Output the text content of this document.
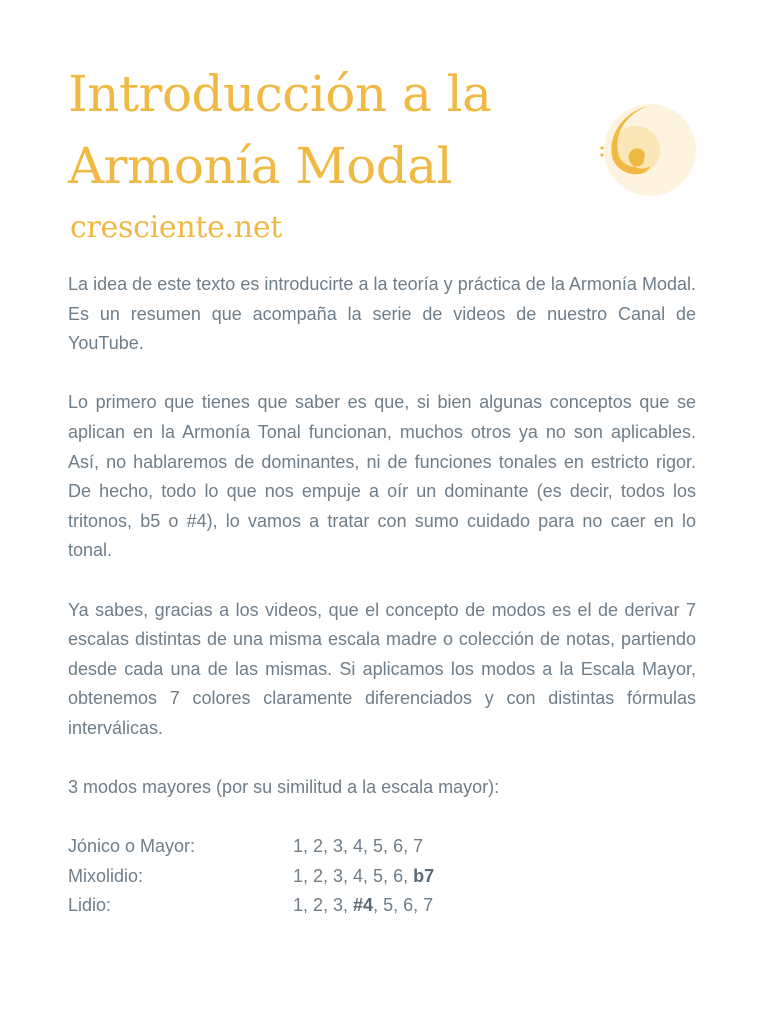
Introducción a la
Armonía Modal
cresciente.net

La idea de este texto es introducirte a la teoría y práctica de la Armonía Modal. Es un resumen que acompaña la serie de videos de nuestro Canal de YouTube.

Lo primero que tienes que saber es que, si bien algunas conceptos que se aplican en la Armonía Tonal funcionan, muchos otros ya no son aplicables. Así, no hablaremos de dominantes, ni de funciones tonales en estricto rigor. De hecho, todo lo que nos empuje a oír un dominante (es decir, todos los tritonos, b5 o #4), lo vamos a tratar con sumo cuidado para no caer en lo tonal.

Ya sabes, gracias a los videos, que el concepto de modos es el de derivar 7 escalas distintas de una misma escala madre o colección de notas, partiendo desde cada una de las mismas. Si aplicamos los modos a la Escala Mayor, obtenemos 7 colores claramente diferenciados y con distintas fórmulas interválicas.

3 modos mayores (por su similitud a la escala mayor):

Jónico o Mayor:	1, 2, 3, 4, 5, 6, 7
Mixolidio:	1, 2, 3, 4, 5, 6, b7
Lidio:	1, 2, 3, #4, 5, 6, 7
